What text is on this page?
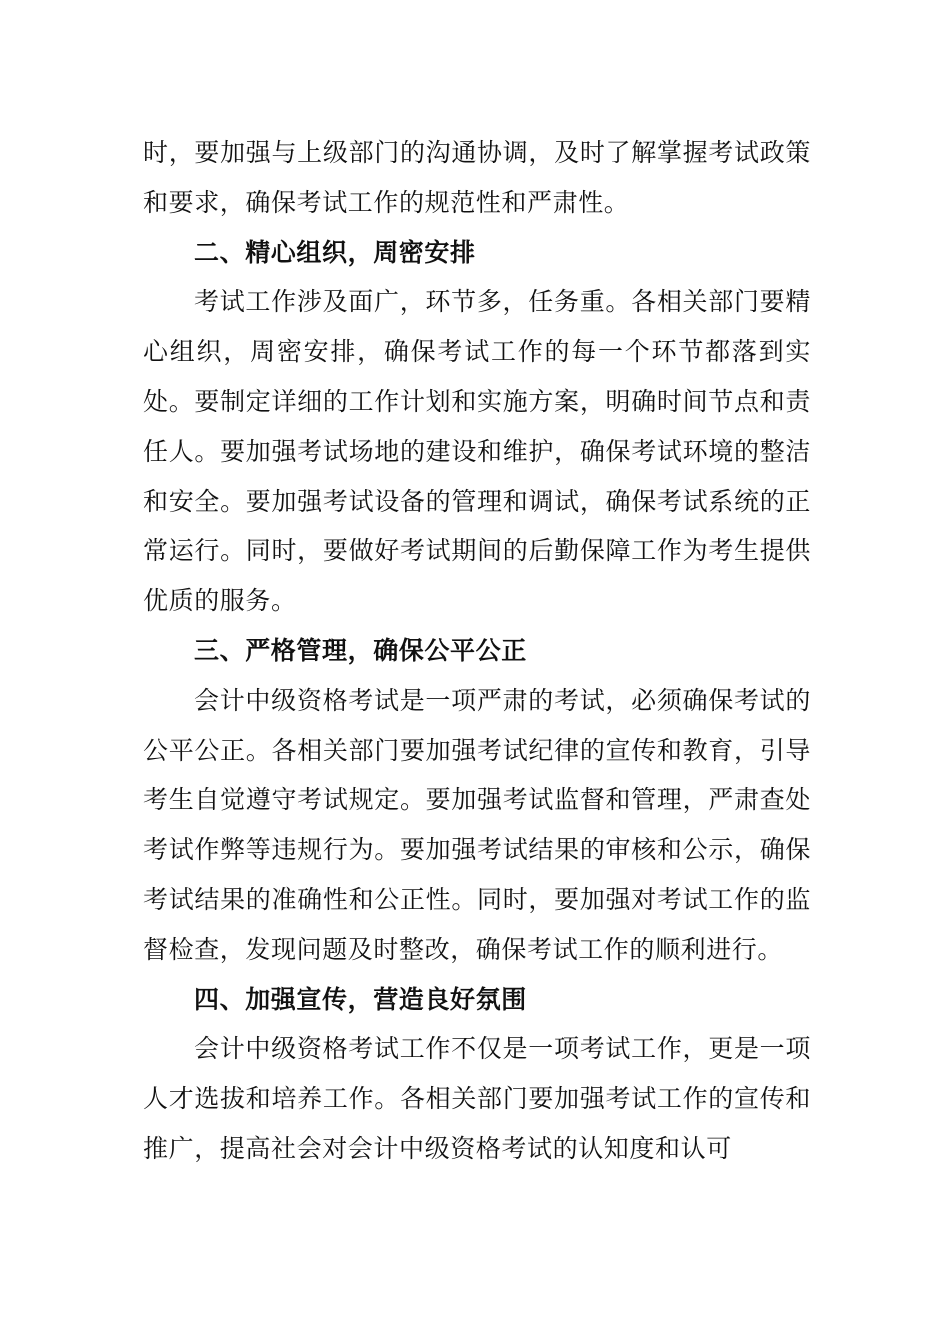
时，要加强与上级部门的沟通协调，及时了解掌握考试政策和要求，确保考试工作的规范性和严肃性。

二、精心组织，周密安排

考试工作涉及面广，环节多，任务重。各相关部门要精心组织，周密安排，确保考试工作的每一个环节都落到实处。要制定详细的工作计划和实施方案，明确时间节点和责任人。要加强考试场地的建设和维护，确保考试环境的整洁和安全。要加强考试设备的管理和调试，确保考试系统的正常运行。同时，要做好考试期间的后勤保障工作为考生提供优质的服务。

三、严格管理，确保公平公正

会计中级资格考试是一项严肃的考试，必须确保考试的公平公正。各相关部门要加强考试纪律的宣传和教育，引导考生自觉遵守考试规定。要加强考试监督和管理，严肃查处考试作弊等违规行为。要加强考试结果的审核和公示，确保考试结果的准确性和公正性。同时，要加强对考试工作的监督检查，发现问题及时整改，确保考试工作的顺利进行。

四、加强宣传，营造良好氛围

会计中级资格考试工作不仅是一项考试工作，更是一项人才选拔和培养工作。各相关部门要加强考试工作的宣传和推广，提高社会对会计中级资格考试的认知度和认可
